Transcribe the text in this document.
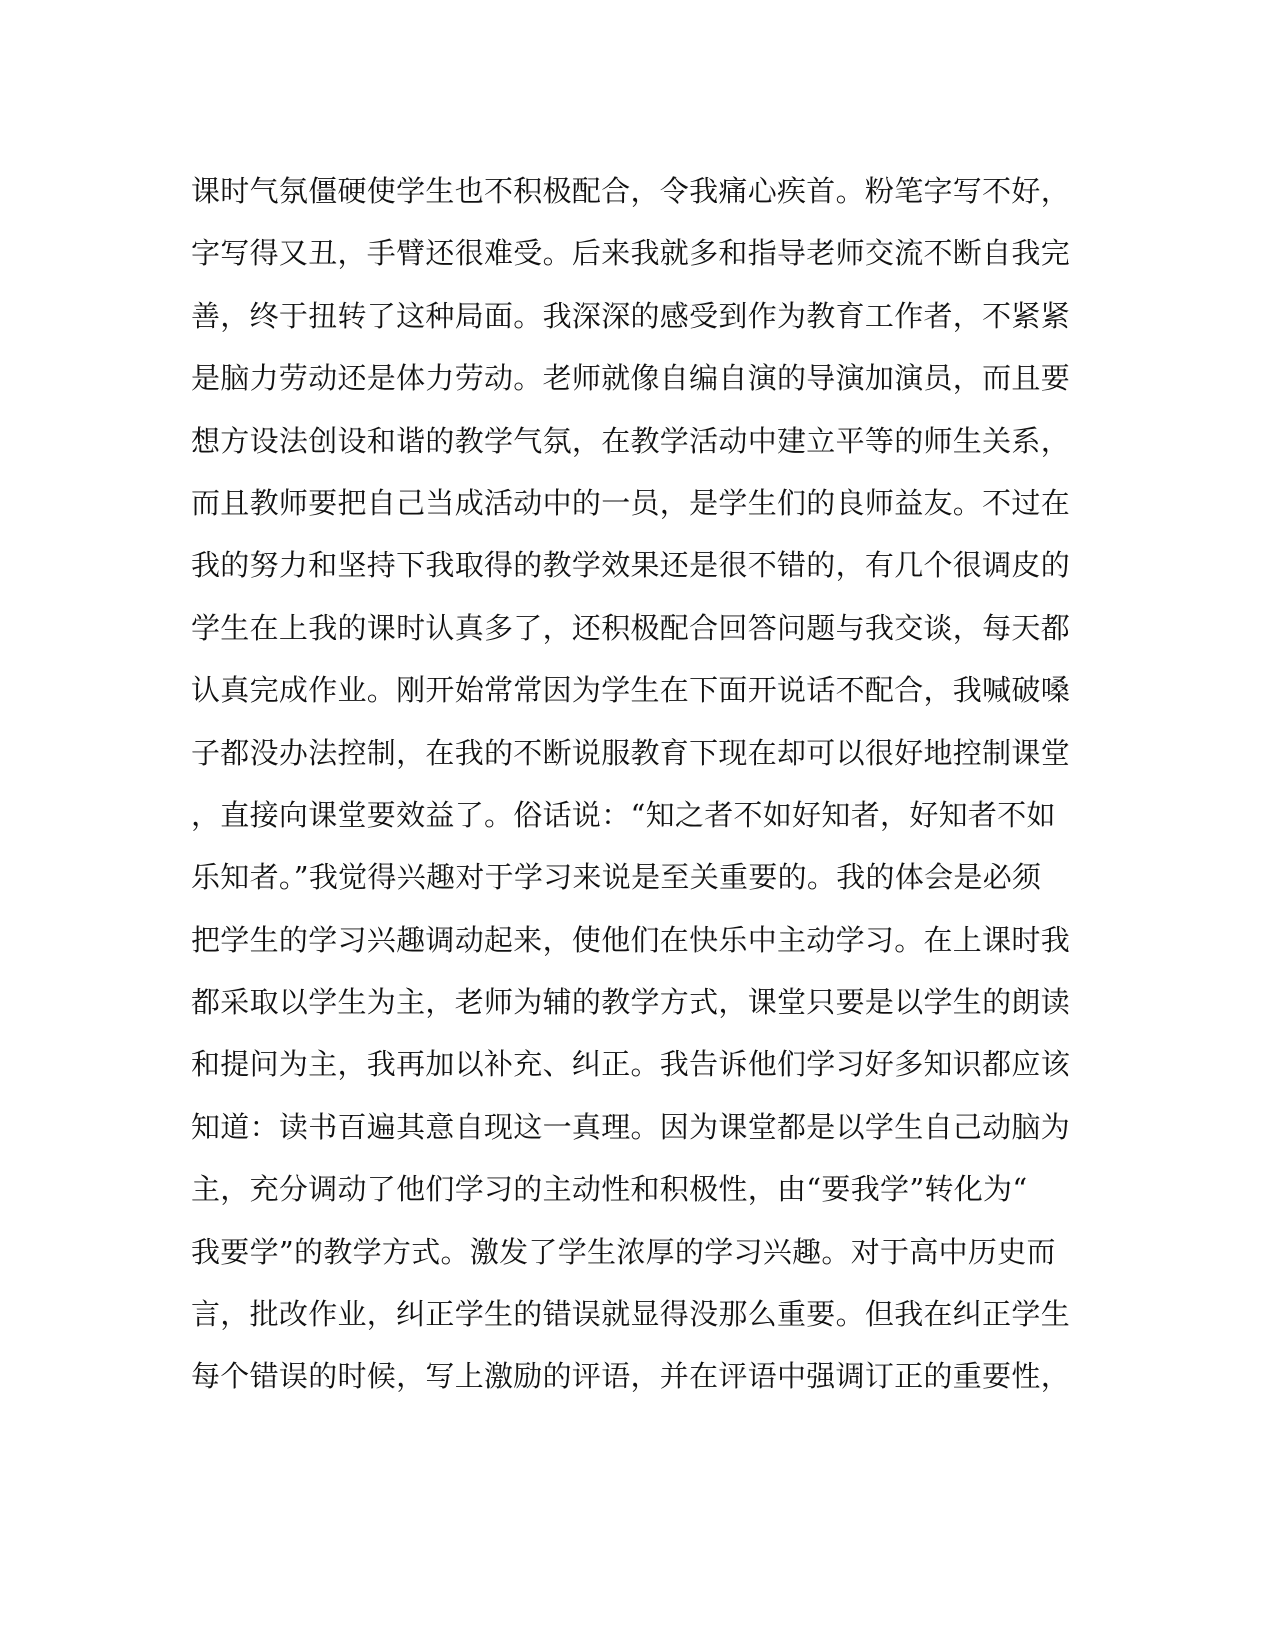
课时气氛僵硬使学生也不积极配合，令我痛心疾首。粉笔字写不好，
字写得又丑，手臂还很难受。后来我就多和指导老师交流不断自我完
善，终于扭转了这种局面。我深深的感受到作为教育工作者，不紧紧
是脑力劳动还是体力劳动。老师就像自编自演的导演加演员，而且要
想方设法创设和谐的教学气氛，在教学活动中建立平等的师生关系，
而且教师要把自己当成活动中的一员，是学生们的良师益友。不过在
我的努力和坚持下我取得的教学效果还是很不错的，有几个很调皮的
学生在上我的课时认真多了，还积极配合回答问题与我交谈，每天都
认真完成作业。刚开始常常因为学生在下面开说话不配合，我喊破嗓
子都没办法控制，在我的不断说服教育下现在却可以很好地控制课堂
，直接向课堂要效益了。俗话说：“知之者不如好知者，好知者不如
乐知者。”我觉得兴趣对于学习来说是至关重要的。我的体会是必须
把学生的学习兴趣调动起来，使他们在快乐中主动学习。在上课时我
都采取以学生为主，老师为辅的教学方式，课堂只要是以学生的朗读
和提问为主，我再加以补充、纠正。我告诉他们学习好多知识都应该
知道：读书百遍其意自现这一真理。因为课堂都是以学生自己动脑为
主，充分调动了他们学习的主动性和积极性，由“要我学”转化为“
我要学”的教学方式。激发了学生浓厚的学习兴趣。对于高中历史而
言，批改作业，纠正学生的错误就显得没那么重要。但我在纠正学生
每个错误的时候，写上激励的评语，并在评语中强调订正的重要性，
